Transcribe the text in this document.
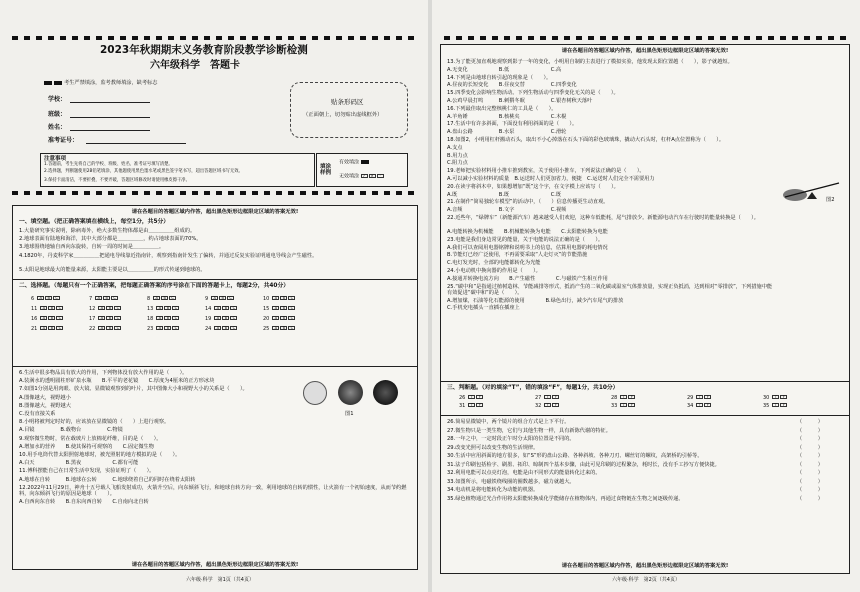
2023年秋期期末义务教育阶段教学诊断检测
六年级科学　答题卡
考生严禁填涂，监考教师填涂，缺考标志
学校：
班级：
姓名：
准考证号：
贴条形码区
（正面朝上，切勿贴出虚线框外）
注意事项
1.答题前，考生先将自己的学校、班级、姓名、准考证号填写清楚。
2.选择题，判断题使用2B铅笔填涂，其他题使用黑色墨水笔或黑色签字笔书写，超出答题区域书写无效。
3.保持卡面清洁，不要折叠，不要弄破，答题区域修改时请使用橡皮擦干净。
填涂样例
有效填涂
无效填涂 ✓ ✕ ·
请在各题目的答题区域内作答，超出黑色矩形边框限定区域的答案无效!
一、填空题。（把正确答案填在横线上，每空1分，共5分）
1.大量研究事实说明，除病毒外，绝大多数生物体都是由＿＿＿＿＿组成的。
2.地球表面有陆地和海洋，其中大部分都是＿＿＿＿＿，约占地球表面的70%。
3.地球围绕地轴自西向东旋转，自转一周的时间是＿＿＿＿＿。
4.1820年，丹麦科学家＿＿＿＿＿把通电导线靠近指南针，观察到指南针发生了偏转，并通过反复实验证明通电导线会产生磁性。
5.太阳是地球最大的能量来源，太阳能主要是以＿＿＿＿＿的形式传递到地球的。
二、选择题。（每题只有一个正确答案，把每题正确答案的序号涂在下面的答题卡上，每题2分，共40分）
6 A B C	7 A B C	8 A B C	9 A B C	10 A B C
11 A B C	12 A B C	13 A B C	14 A B C	15 A B C
16 A B C	17 A B C	18 A B C	19 A B C	20 A B C
21 A B C	22 A B C	23 A B C	24 A B C	25 A B C
6.生活中很多物品具有放大的作用，下列物体没有放大作用的是（　　）。
A.装满水的透明圆柱形矿泉水瓶　　B.平平的老花镜　　C.厚度为4厘米的正方形冰块
7.如图1分别是用肉眼、放大镜、显微镜观察到的叶片，其中图像大小和视野大小的关系是（　　）。
A.图像越大，视野越小
B.图像越大，视野越大
C.没有直接关系
8.小明将被判定时好的，应该放在显微镜的（　　）上进行观察。
A.目镜　　　　　B.载物台　　　　　C.物镜
9.观察微生物时，常在载玻片上放棉花纤维，目的是（　　）。
A.增加水的营养　　B.使其保持可观察的　　C.固定微生物
10.用手电筒代替太阳照射地球时，被光照射的地方模拟的是（　　）。
A.白天　　　　　　B.黑夜　　　　　　C.都有可能
11.傅科摆能自己在日常生活中发现，实验证明了（　　）。
A.地球在自转　　　B.地球在公转　　　C.地球绕着自己的同时在绕着太阳转
12.2022年11月29日，神舟十五号载人飞船发射成功，火箭升空后，向东倾斜飞行，和地球自转方向一致，利用地球的自转的惯性，让火箭有一个初始速度，从而节约燃料，向东倾斜飞行的原因是地球（　　）。
A.自西向东自转　　B.自东向西自转　　C.自南向北自转
图1
请在各题目的答题区域内作答，超出黑色矩形边框限定区域的答案无效!
六年级·科学　第1页（共4页）
请在各题目的答题区域内作答，超出黑色矩形边框限定区域的答案无效!
13.为了能更加直观地观察到影子一年的变化，小明用自制的主表进行了模拟实验，他发现太阳位置越（　　），影子就越短。
A.无变化　　　　　　B.低　　　　　　　　C.高
14.下列是由地球自转引起的现象是（　　）。
A.昼夜的长短变化　　B.昼夜交替　　　　　C.四季变化
15.四季变化会影响生物活动。下列生物活动与四季变化无关的是（　　）。
A.公鸡早晨打鸣　　　B.刺猬冬眠　　　　　C.银杏树秋天落叶
16.下列最佳取出完整核桃仁的工具是（　　）。
A.羊角锤　　　　　　B.核桃夹　　　　　　C.木棍
17.生活中有许多斜面，下面没有利用斜面的是（　　）。
A.盘山公路　　　　　B.水泵　　　　　　　C.滑轮
18.如图2，小明用杠杆搬动石头，取出不小心掉落在石头下面的彩色玻璃珠，撬动大石头时，杠杆A点位置称为（　　）。
A.支点
B.用力点
C.阻力点
19.老师把实验材料用小推车推到教室，关于使用小推车，下列说法正确的是（　　）。
A.可以减小实验材料的质量　B.运送时人们更加省力，便捷　C.运送时人们完全不需要用力
20.在读字将斜木中，如果想增加“既”这个字，在文字模上应该写（　　）。
A.既　　　　　　　　B.既　　　　　　　　C.既
21.在制作“简易独轮车模型”的活动中，（　　）信息传播更生动直观。
A.音频　　　　　　　B.文字　　　　　　　C.视频
22.近些年，“绿牌车”（新能源汽车）越来越受人们欢迎，这种车低能耗，尾气排放少。新能源电动汽车在行驶时的能量转换是（　　）。
A.电能转换为机械能　　B.机械能转换为电能　　C.太阳能转换为电能
23.电能是我们身边常见的能量，关于电能的说法正确的是（　　）。
A.我们可以查阅用电器铭牌和说明书上的信息，估算用电器的耗电情况
B.节能灯已经广泛使用，不再需要采取“人走灯灭”的节能措施
C.电灯发光时，全部的电能都转化为光能
24.小电动机中换向器的作用是（　　）。
A.接通并转换电流方向　　B.产生磁性　　　　C.与磁铁产生相互作用
25.“碳中和”是指通过植树造林、节能减排等形式，抵消产生的二氧化碳或温室气体排放量，实现正负抵消，达到相对“零排放”，下列措施中能有效促进“碳中和”的是（　　）。
A.增加煤，石油等化石能源的使用　　　　B.绿色出行，减少汽车尾气的排放
C.手机充电插头一直插在插座上
图2
三、判断题。（对的填涂“T”，错的填涂“F”，每题1分，共10分）
26 T F	27 T F	28 T F	29 T F	30 T F
31 T F	32 T F	33 T F	34 T F	35 T F
26.简易显微镜中，两个镜片的组合方式是上下平行。	（　　　）
27.微生物只是一类生物，它们与其他生物一样，具有新陈代谢的特征。	（　　　）
28.一年之中，一定时段正午时分太阳的位置是不同的。	（　　　）
29.改变光照可以改变生物的生活规律。	（　　　）
30.生活中应用斜面的地方很多，如“S”形的盘山公路、各种斜坡、各种刀刃、螺丝钉的螺纹，高架桥的引桥等。	（　　　）
31.法子印刷包括检字、刷墨、拓印、晾制四个基本步骤，由此可见印刷的过程繁杂，耗时长，没有手工抄写方便快捷。	（　　　）
32.利用电能可以点亮灯泡，电能是由不同形式的能量转化过来的。	（　　　）
33.如图所示，电磁铁绕线圈的圈数越多，磁力就越大。	（　　　）
34.电动机是将电能转化为动能的机器。	（　　　）
35.绿色植物通过光合作用将太阳能转换成化学能储存在植物体内，再通过食物链在生物之间逐级传递。	（　　　）
请在各题目的答题区域内作答，超出黑色矩形边框限定区域的答案无效!
六年级·科学　第2页（共4页）
